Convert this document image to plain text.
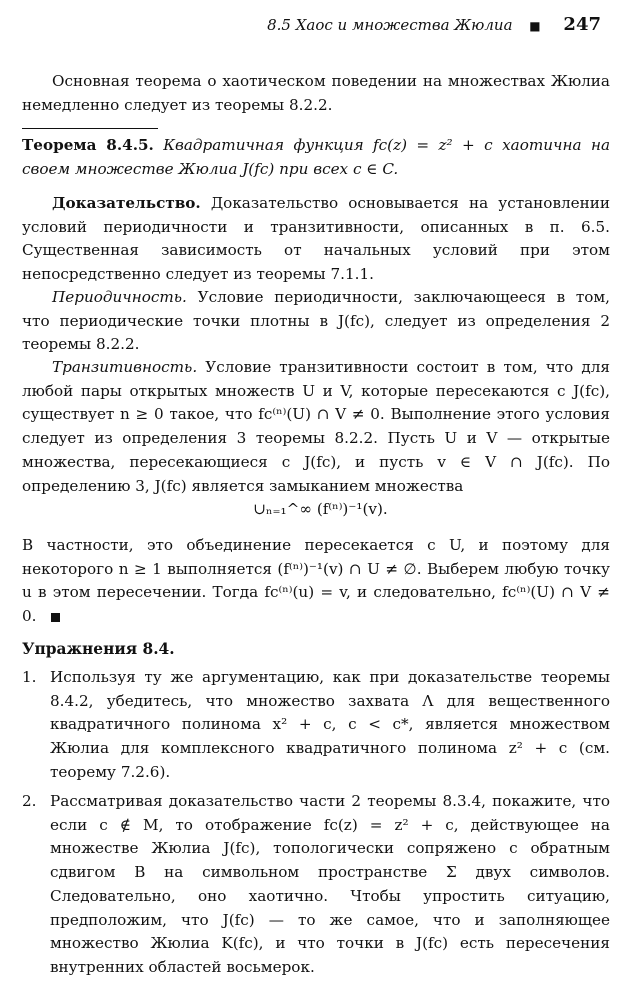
8.5 Хаос и множества Жюлиа ■ 247

Основная теорема о хаотическом поведении на множествах Жюлиа немедленно следует из теоремы 8.2.2.

Теорема 8.4.5. Квадратичная функция fc(z) = z² + c хаотична на своем множестве Жюлиа J(fc) при всех c ∈ C.

Доказательство. Доказательство основывается на установлении условий периодичности и транзитивности, описанных в п. 6.5. Существенная зависимость от начальных условий при этом непосредственно следует из теоремы 7.1.1.

Периодичность. Условие периодичности, заключающееся в том, что периодические точки плотны в J(fc), следует из определения 2 теоремы 8.2.2.

Транзитивность. Условие транзитивности состоит в том, что для любой пары открытых множеств U и V, которые пересекаются с J(fc), существует n ≥ 0 такое, что fc⁽ⁿ⁾(U) ∩ V ≠ 0. Выполнение этого условия следует из определения 3 теоремы 8.2.2. Пусть U и V — открытые множества, пересекающиеся с J(fc), и пусть v ∈ V ∩ J(fc). По определению 3, J(fc) является замыканием множества

∪ₙ₌₁^∞ (f⁽ⁿ⁾)⁻¹(v).

В частности, это объединение пересекается с U, и поэтому для некоторого n ≥ 1 выполняется (f⁽ⁿ⁾)⁻¹(v) ∩ U ≠ ∅. Выберем любую точку u в этом пересечении. Тогда fc⁽ⁿ⁾(u) = v, и следовательно, fc⁽ⁿ⁾(U) ∩ V ≠ 0.

Упражнения 8.4.
1. Используя ту же аргументацию, как при доказательстве теоремы 8.4.2, убедитесь, что множество захвата Λ для вещественного квадратичного полинома x² + c, c < c*, является множеством Жюлиа для комплексного квадратичного полинома z² + c (см. теорему 7.2.6).
2. Рассматривая доказательство части 2 теоремы 8.3.4, покажите, что если c ∉ M, то отображение fc(z) = z² + c, действующее на множестве Жюлиа J(fc), топологически сопряжено с обратным сдвигом B на символьном пространстве Σ двух символов. Следовательно, оно хаотично. Чтобы упростить ситуацию, предположим, что J(fc) — то же самое, что и заполняющее множество Жюлиа K(fc), и что точки в J(fc) есть пересечения внутренних областей восьмерок.
